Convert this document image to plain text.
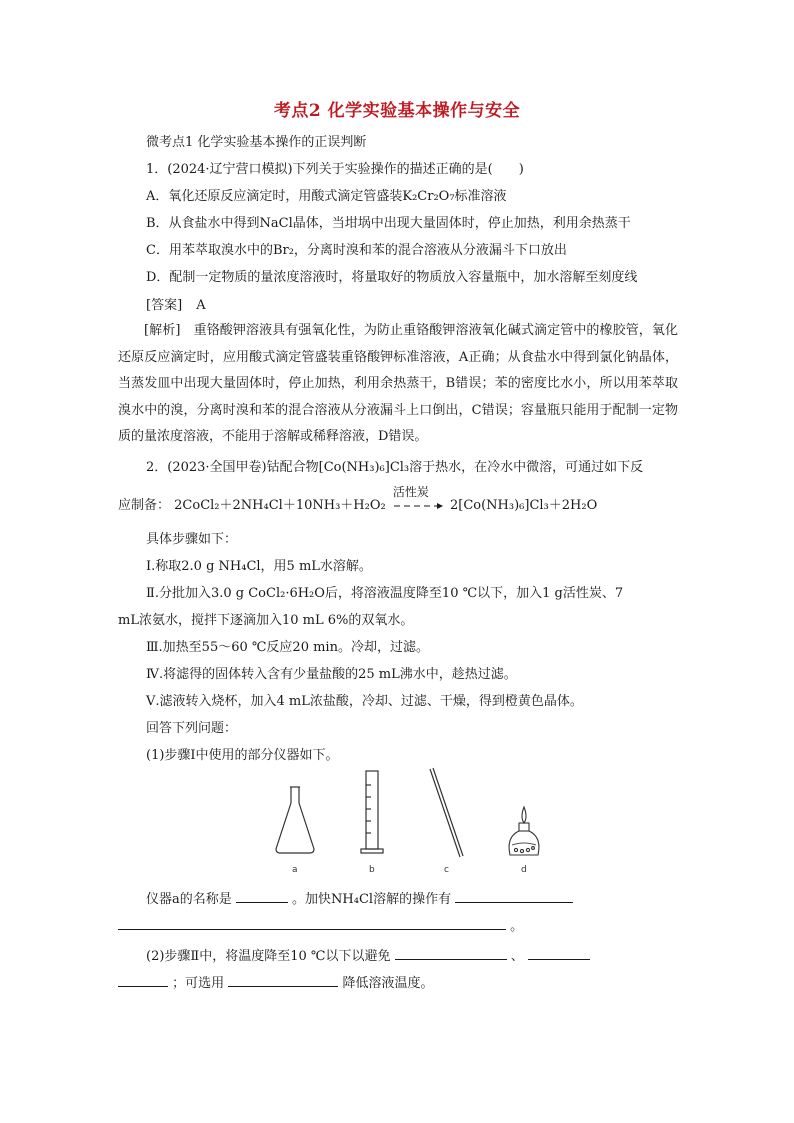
考点2 化学实验基本操作与安全
微考点1 化学实验基本操作的正误判断
1．(2024·辽宁营口模拟)下列关于实验操作的描述正确的是(　　)
A．氧化还原反应滴定时，用酸式滴定管盛装K₂Cr₂O₇标准溶液
B．从食盐水中得到NaCl晶体，当坩埚中出现大量固体时，停止加热，利用余热蒸干
C．用苯萃取溴水中的Br₂，分离时溴和苯的混合溶液从分液漏斗下口放出
D．配制一定物质的量浓度溶液时，将量取好的物质放入容量瓶中，加水溶解至刻度线
[答案] A
[解析]　重铬酸钾溶液具有强氧化性，为防止重铬酸钾溶液氧化碱式滴定管中的橡胶管，氧化还原反应滴定时，应用酸式滴定管盛装重铬酸钾标准溶液，A正确；从食盐水中得到氯化钠晶体，当蒸发皿中出现大量固体时，停止加热，利用余热蒸干，B错误；苯的密度比水小，所以用苯萃取溴水中的溴，分离时溴和苯的混合溶液从分液漏斗上口倒出，C错误；容量瓶只能用于配制一定物质的量浓度溶液，不能用于溶解或稀释溶液，D错误。
2．(2023·全国甲卷)钴配合物[Co(NH₃)₆]Cl₃溶于热水，在冷水中微溶，可通过如下反
应制备： 2CoCl₂＋2NH₄Cl＋10NH₃＋H₂O₂
活性炭
2[Co(NH₃)₆]Cl₃＋2H₂O
具体步骤如下：
Ⅰ.称取2.0 g NH₄Cl，用5 mL水溶解。
Ⅱ.分批加入3.0 g CoCl₂·6H₂O后，将溶液温度降至10 ℃以下，加入1 g活性炭、7
mL浓氨水，搅拌下逐滴加入10 mL 6%的双氧水。
Ⅲ.加热至55～60 ℃反应20 min。冷却，过滤。
Ⅳ.将滤得的固体转入含有少量盐酸的25 mL沸水中，趁热过滤。
Ⅴ.滤液转入烧杯，加入4 mL浓盐酸，冷却、过滤、干燥，得到橙黄色晶体。
回答下列问题：
(1)步骤Ⅰ中使用的部分仪器如下。
a	b	c	d
仪器a的名称是	。加快NH₄Cl溶解的操作有
。
(2)步骤Ⅱ中，将温度降至10 ℃以下以避免	、
；可选用	降低溶液温度。
